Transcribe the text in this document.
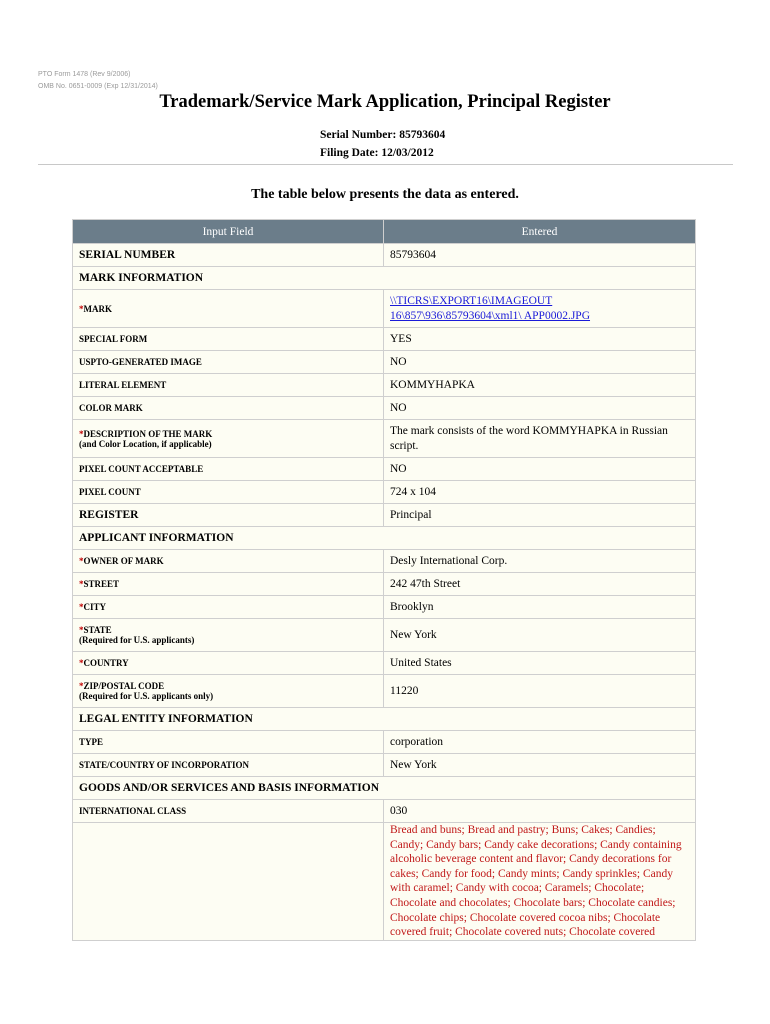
PTO Form 1478 (Rev 9/2006)
OMB No. 0651-0009 (Exp 12/31/2014)
Trademark/Service Mark Application, Principal Register
Serial Number: 85793604
Filing Date: 12/03/2012
The table below presents the data as entered.
Input Field	Entered
SERIAL NUMBER	85793604
MARK INFORMATION	
*MARK	\\TICRS\EXPORT16\IMAGEOUT
16\857\936\85793604\xml1\ APP0002.JPG
SPECIAL FORM	YES
USPTO-GENERATED IMAGE	NO
LITERAL ELEMENT	KOMMYHAPKA
COLOR MARK	NO
*DESCRIPTION OF THE MARK
(and Color Location, if applicable)	The mark consists of the word KOMMYHAPKA in Russian script.
PIXEL COUNT ACCEPTABLE	NO
PIXEL COUNT	724 x 104
REGISTER	Principal
APPLICANT INFORMATION	
*OWNER OF MARK	Desly International Corp.
*STREET	242 47th Street
*CITY	Brooklyn
*STATE
(Required for U.S. applicants)	New York
*COUNTRY	United States
*ZIP/POSTAL CODE
(Required for U.S. applicants only)	11220
LEGAL ENTITY INFORMATION	
TYPE	corporation
STATE/COUNTRY OF INCORPORATION	New York
GOODS AND/OR SERVICES AND BASIS INFORMATION	
INTERNATIONAL CLASS	030
	Bread and buns; Bread and pastry; Buns; Cakes; Candies; Candy; Candy bars; Candy cake decorations; Candy containing alcoholic beverage content and flavor; Candy decorations for cakes; Candy for food; Candy mints; Candy sprinkles; Candy with caramel; Candy with cocoa; Caramels; Chocolate; Chocolate and chocolates; Chocolate bars; Chocolate candies; Chocolate chips; Chocolate covered cocoa nibs; Chocolate covered fruit; Chocolate covered nuts; Chocolate covered
